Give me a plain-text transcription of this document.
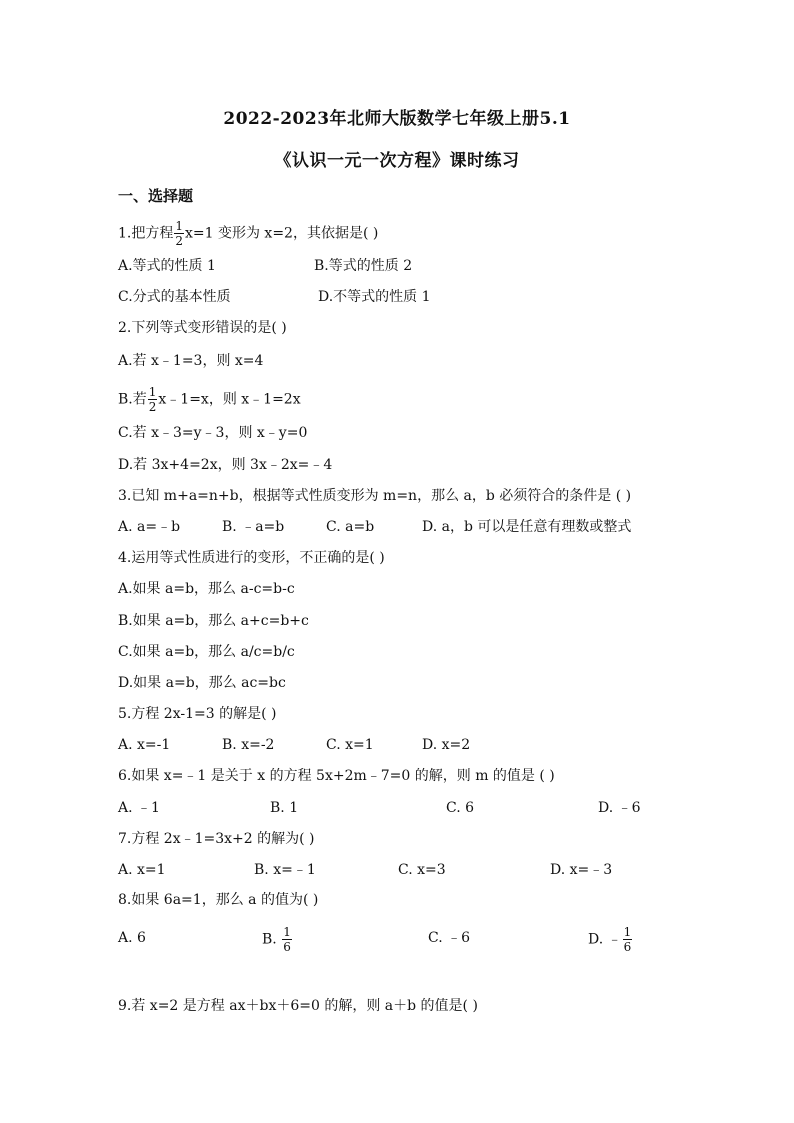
2022-2023年北师大版数学七年级上册5.1
《认识一元一次方程》课时练习
一、选择题
1.把方程 $\frac{1}{2} x=1$ 变形为 x=2，其依据是( )
A.等式的性质 1	B.等式的性质 2
C.分式的基本性质	D.不等式的性质 1
2.下列等式变形错误的是( )
A.若 x﹣1=3，则 x=4
B.若 $\frac{1}{2}$ x﹣1=x，则 x﹣1=2x
C.若 x﹣3=y﹣3，则 x﹣y=0
D.若 3x+4=2x，则 3x﹣2x=﹣4
3.已知 m+a=n+b，根据等式性质变形为 m=n，那么 a，b 必须符合的条件是 ( )
A. a=﹣b	B. ﹣a=b	C. a=b	D. a，b 可以是任意有理数或整式
4.运用等式性质进行的变形，不正确的是( )
A.如果 a=b，那么 a-c=b-c
B.如果 a=b，那么 a+c=b+c
C.如果 a=b，那么 a/c=b/c
D.如果 a=b，那么 ac=bc
5.方程 2x-1=3 的解是( )
A. x=-1	B. x=-2	C. x=1	D. x=2
6.如果 x=﹣1 是关于 x 的方程 5x+2m﹣7=0 的解，则 m 的值是 ( )
A. ﹣1	B. 1	C. 6	D. ﹣6
7.方程 2x﹣1=3x+2 的解为( )
A. x=1	B. x=﹣1	C. x=3	D. x=﹣3
8.如果 6a=1，那么 a 的值为( )
A. 6	B. $\frac{1}{6}$	C. ﹣6	D. ﹣ $\frac{1}{6}$
9.若 x=2 是方程 ax＋bx＋6=0 的解，则 a＋b 的值是( )
